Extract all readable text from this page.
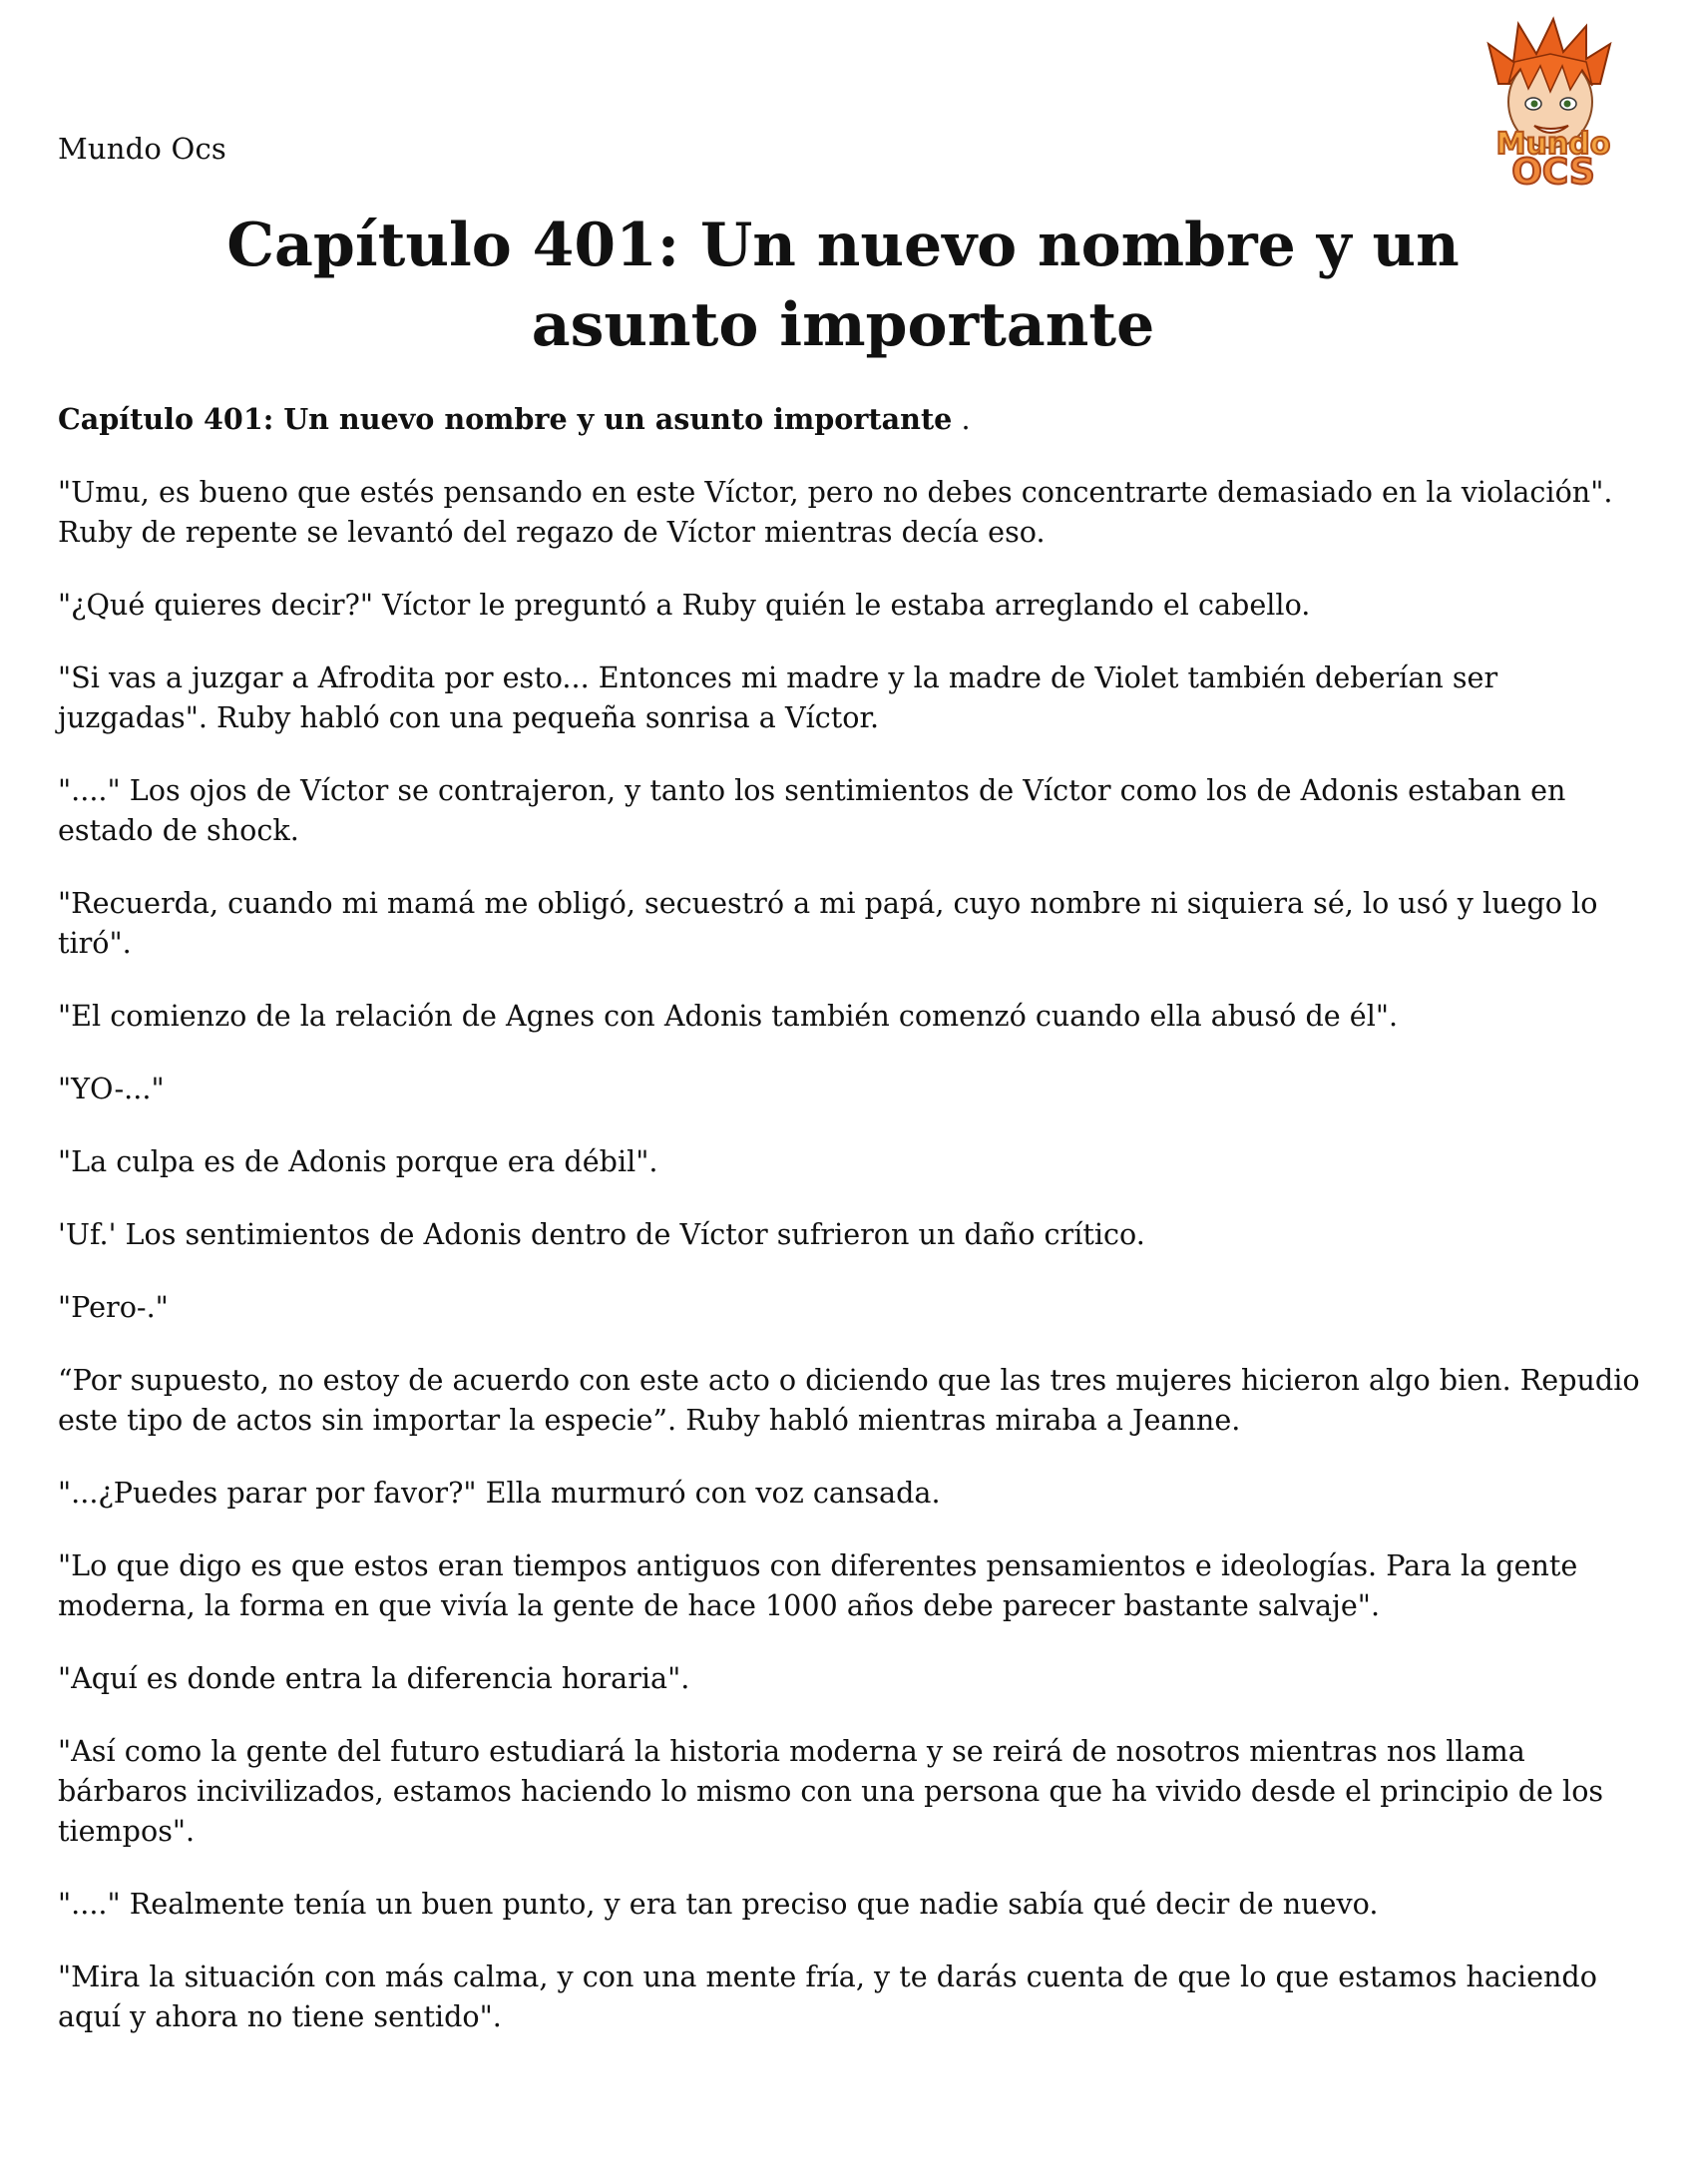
Mundo Ocs	Mundo
OCS
Capítulo 401: Un nuevo nombre y un asunto importante

Capítulo 401: Un nuevo nombre y un asunto importante .

"Umu, es bueno que estés pensando en este Víctor, pero no debes concentrarte demasiado en la violación". Ruby de repente se levantó del regazo de Víctor mientras decía eso.

"¿Qué quieres decir?" Víctor le preguntó a Ruby quién le estaba arreglando el cabello.

"Si vas a juzgar a Afrodita por esto... Entonces mi madre y la madre de Violet también deberían ser juzgadas". Ruby habló con una pequeña sonrisa a Víctor.

"...." Los ojos de Víctor se contrajeron, y tanto los sentimientos de Víctor como los de Adonis estaban en estado de shock.

"Recuerda, cuando mi mamá me obligó, secuestró a mi papá, cuyo nombre ni siquiera sé, lo usó y luego lo tiró".

"El comienzo de la relación de Agnes con Adonis también comenzó cuando ella abusó de él".

"YO-..."

"La culpa es de Adonis porque era débil".

'Uf.' Los sentimientos de Adonis dentro de Víctor sufrieron un daño crítico.

"Pero-."

“Por supuesto, no estoy de acuerdo con este acto o diciendo que las tres mujeres hicieron algo bien. Repudio este tipo de actos sin importar la especie”. Ruby habló mientras miraba a Jeanne.

"...¿Puedes parar por favor?" Ella murmuró con voz cansada.

"Lo que digo es que estos eran tiempos antiguos con diferentes pensamientos e ideologías. Para la gente moderna, la forma en que vivía la gente de hace 1000 años debe parecer bastante salvaje".

"Aquí es donde entra la diferencia horaria".

"Así como la gente del futuro estudiará la historia moderna y se reirá de nosotros mientras nos llama bárbaros incivilizados, estamos haciendo lo mismo con una persona que ha vivido desde el principio de los tiempos".

"...." Realmente tenía un buen punto, y era tan preciso que nadie sabía qué decir de nuevo.

"Mira la situación con más calma, y con una mente fría, y te darás cuenta de que lo que estamos haciendo aquí y ahora no tiene sentido".
